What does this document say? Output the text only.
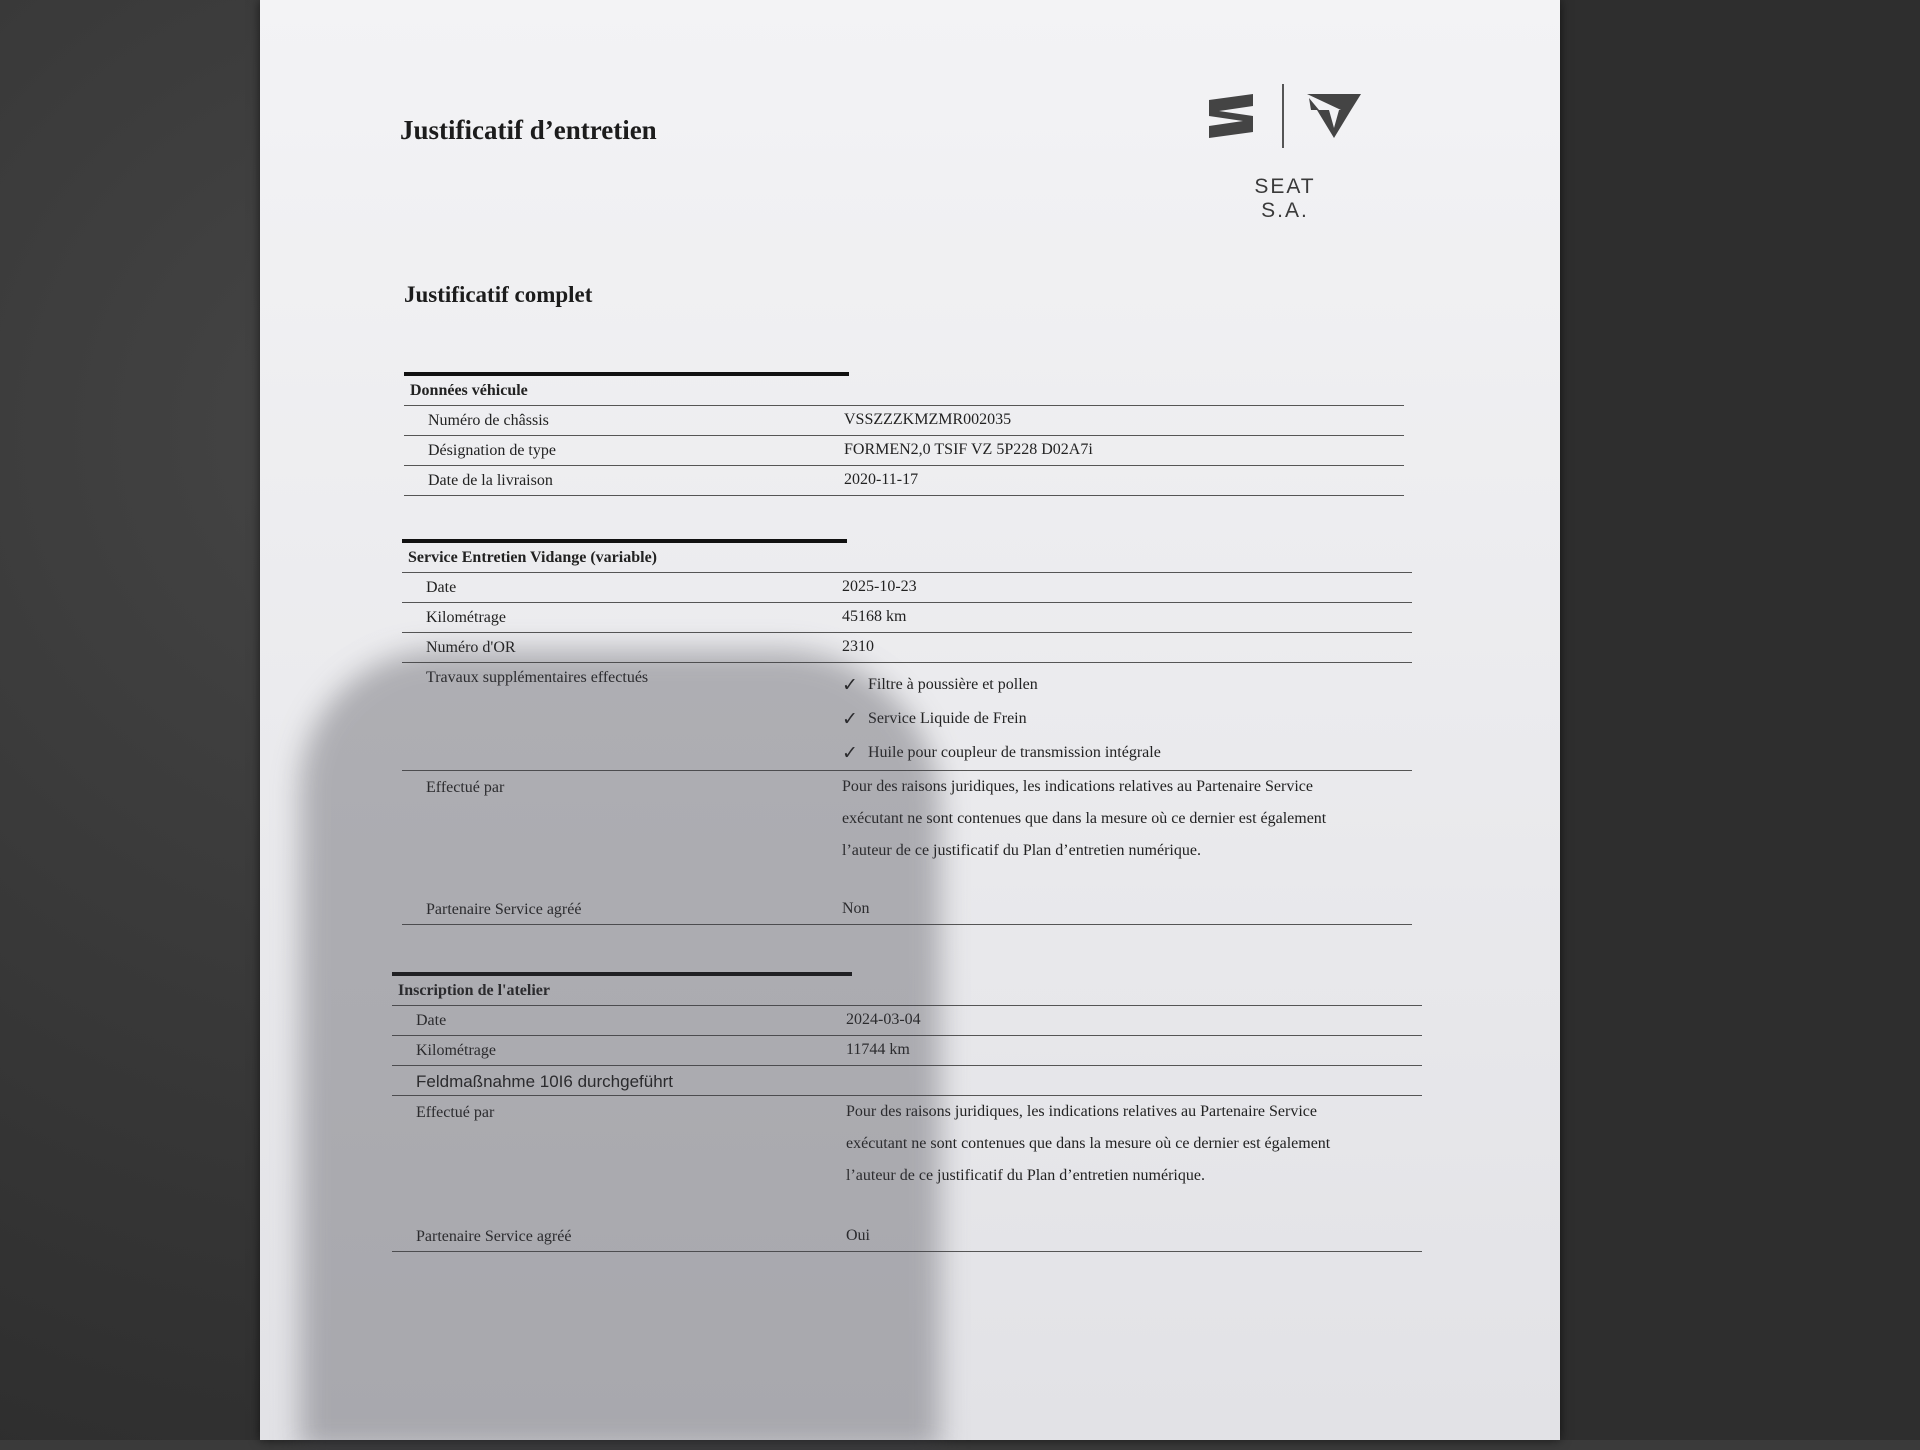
Justificatif d’entretien
SEAT S.A.
Justificatif complet
Données véhicule
Numéro de châssis	VSSZZZKMZMR002035
Désignation de type	FORMEN2,0 TSIF VZ 5P228 D02A7i
Date de la livraison	2020-11-17
Service Entretien Vidange (variable)
Date	2025-10-23
Kilométrage	45168 km
Numéro d'OR	2310
Travaux supplémentaires effectués	✓ Filtre à poussière et pollen
✓ Service Liquide de Frein
✓ Huile pour coupleur de transmission intégrale
Effectué par	Pour des raisons juridiques, les indications relatives au Partenaire Service
exécutant ne sont contenues que dans la mesure où ce dernier est également
l’auteur de ce justificatif du Plan d’entretien numérique.
Partenaire Service agréé	Non
Inscription de l'atelier
Date	2024-03-04
Kilométrage	11744 km
Feldmaßnahme 10I6 durchgeführt
Effectué par	Pour des raisons juridiques, les indications relatives au Partenaire Service
exécutant ne sont contenues que dans la mesure où ce dernier est également
l’auteur de ce justificatif du Plan d’entretien numérique.
Partenaire Service agréé	Oui
